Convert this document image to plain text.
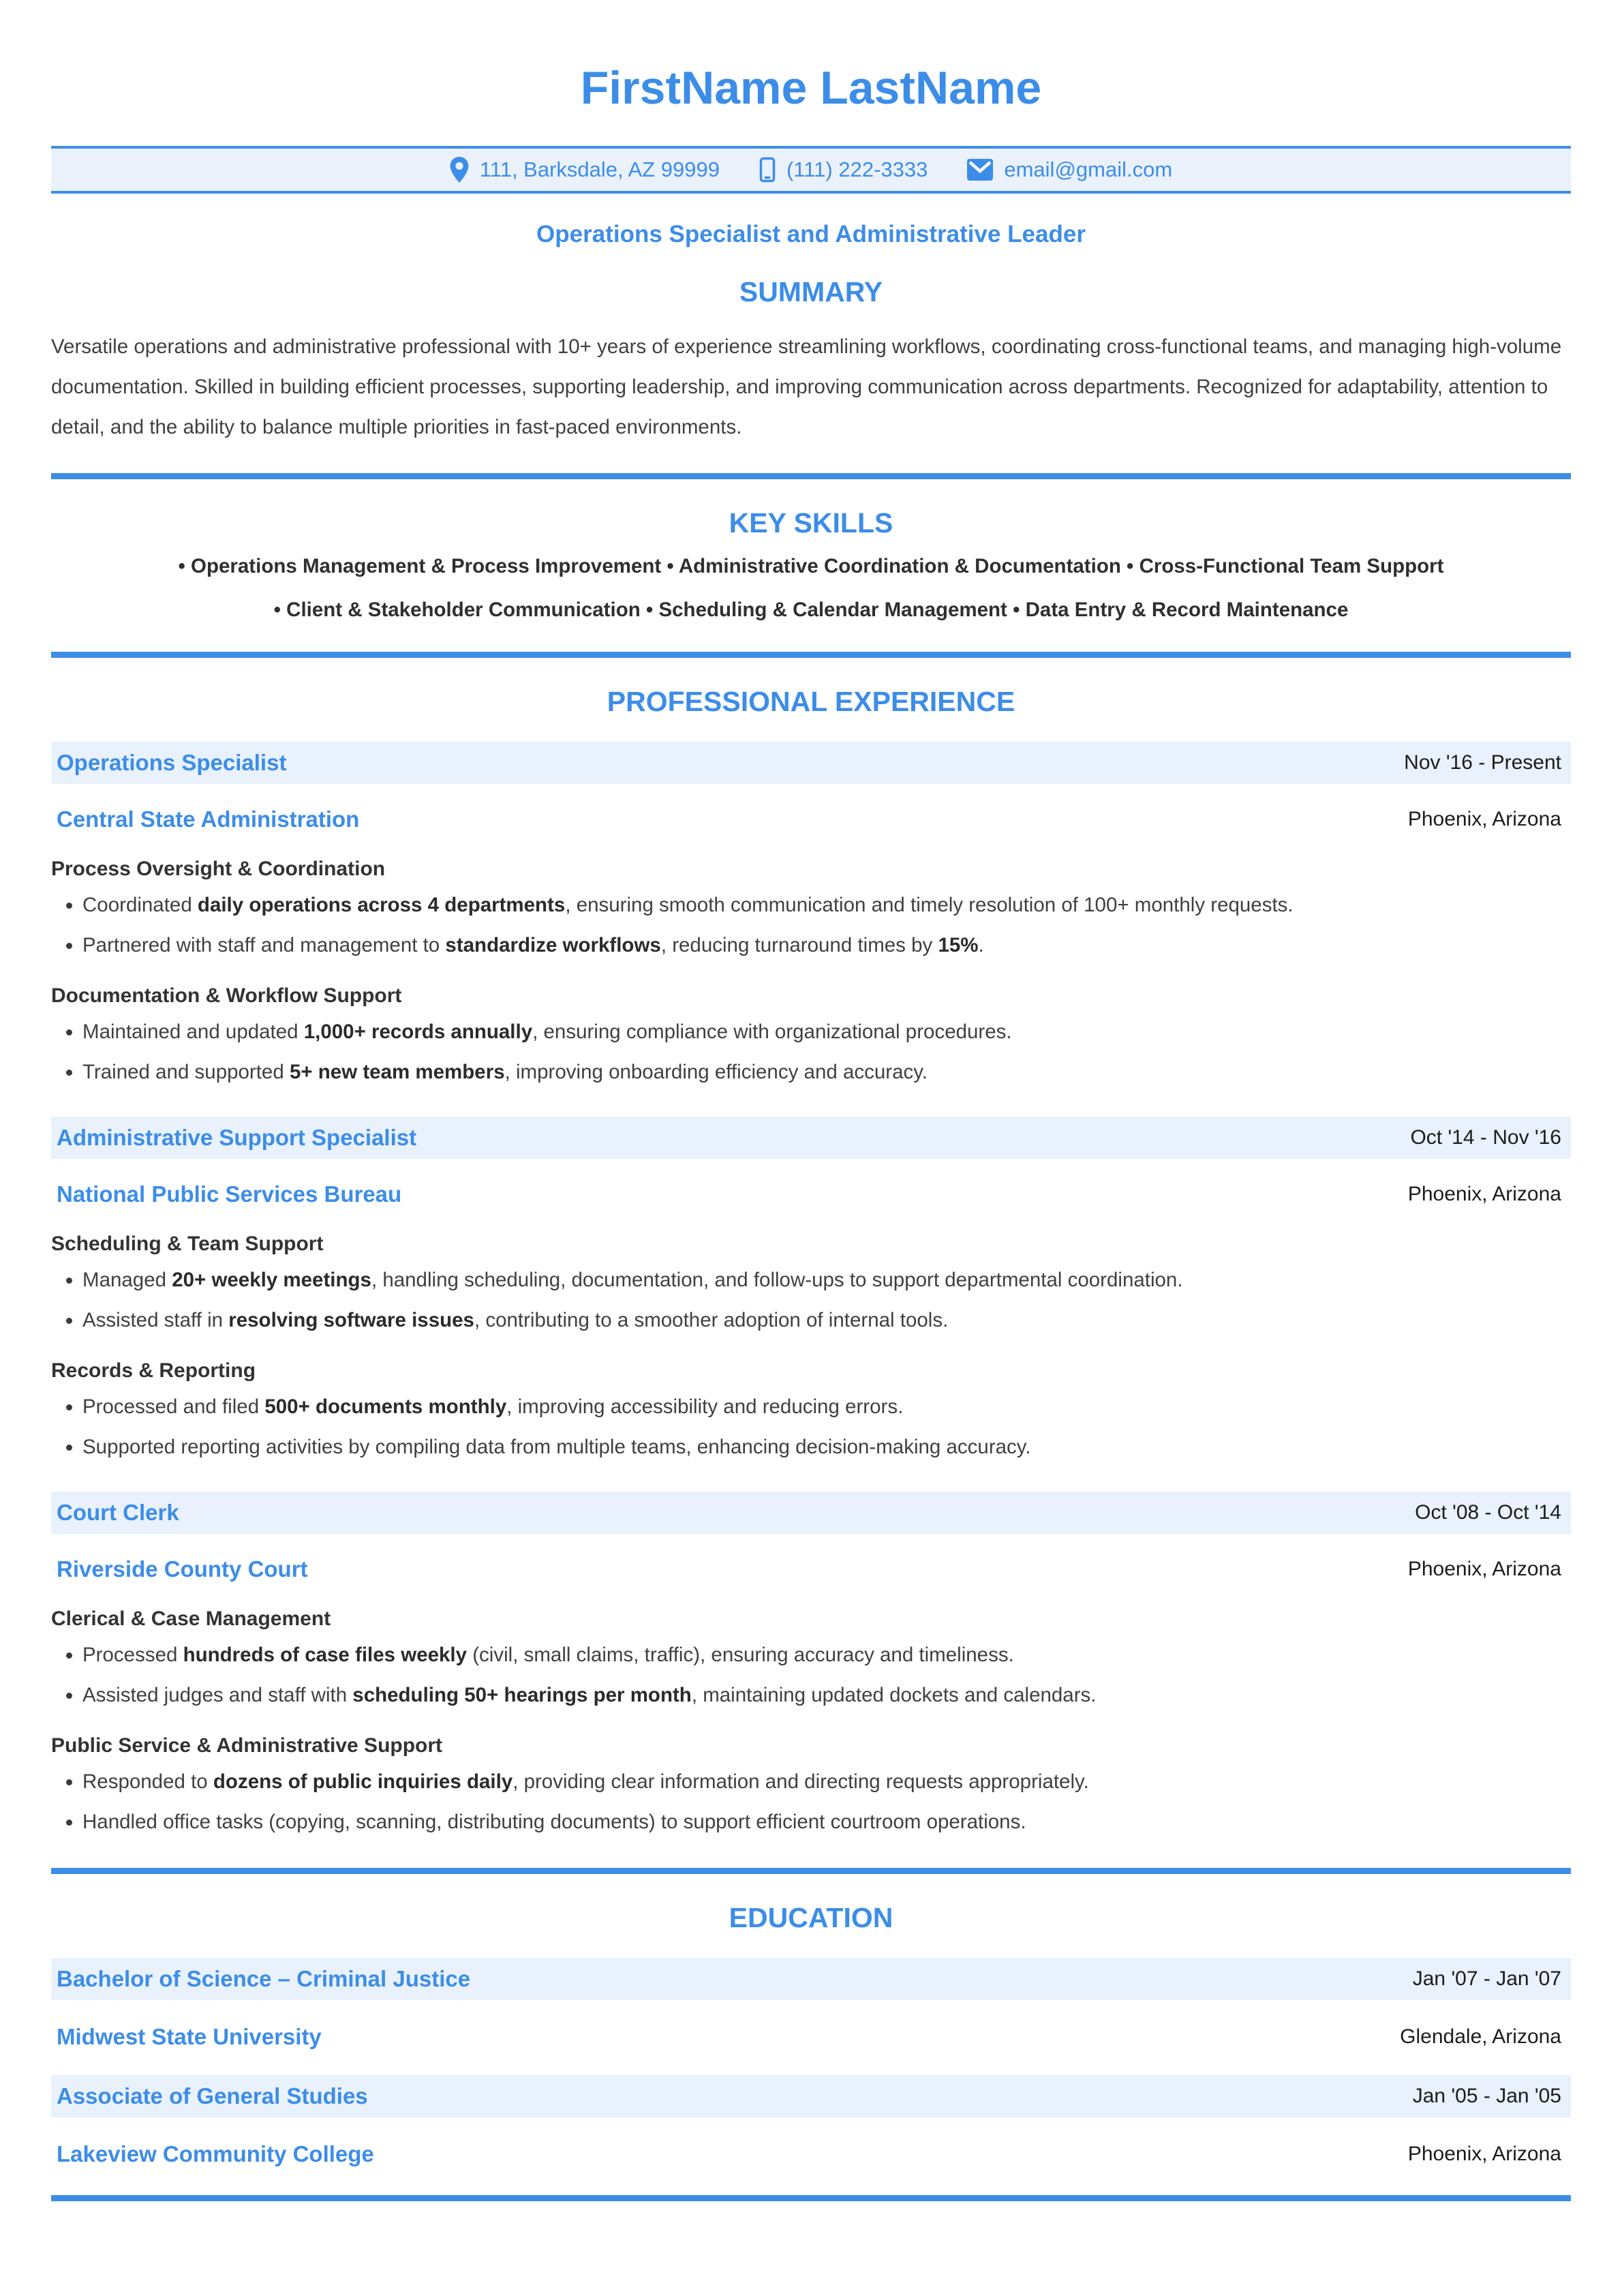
FirstName LastName
111, Barksdale, AZ 99999	(111) 222-3333	email@gmail.com
Operations Specialist and Administrative Leader
SUMMARY

Versatile operations and administrative professional with 10+ years of experience streamlining workflows, coordinating cross-functional teams, and managing high-volume documentation. Skilled in building efficient processes, supporting leadership, and improving communication across departments. Recognized for adaptability, attention to detail, and the ability to balance multiple priorities in fast-paced environments.

KEY SKILLS

• Operations Management & Process Improvement • Administrative Coordination & Documentation • Cross-Functional Team Support

• Client & Stakeholder Communication • Scheduling & Calendar Management • Data Entry & Record Maintenance

PROFESSIONAL EXPERIENCE
Operations Specialist	Nov '16 - Present
Central State Administration	Phoenix, Arizona
Process Oversight & Coordination
• Coordinated daily operations across 4 departments, ensuring smooth communication and timely resolution of 100+ monthly requests.
• Partnered with staff and management to standardize workflows, reducing turnaround times by 15%.
Documentation & Workflow Support
• Maintained and updated 1,000+ records annually, ensuring compliance with organizational procedures.
• Trained and supported 5+ new team members, improving onboarding efficiency and accuracy.
Administrative Support Specialist	Oct '14 - Nov '16
National Public Services Bureau	Phoenix, Arizona
Scheduling & Team Support
• Managed 20+ weekly meetings, handling scheduling, documentation, and follow-ups to support departmental coordination.
• Assisted staff in resolving software issues, contributing to a smoother adoption of internal tools.
Records & Reporting
• Processed and filed 500+ documents monthly, improving accessibility and reducing errors.
• Supported reporting activities by compiling data from multiple teams, enhancing decision-making accuracy.
Court Clerk	Oct '08 - Oct '14
Riverside County Court	Phoenix, Arizona
Clerical & Case Management
• Processed hundreds of case files weekly (civil, small claims, traffic), ensuring accuracy and timeliness.
• Assisted judges and staff with scheduling 50+ hearings per month, maintaining updated dockets and calendars.
Public Service & Administrative Support
• Responded to dozens of public inquiries daily, providing clear information and directing requests appropriately.
• Handled office tasks (copying, scanning, distributing documents) to support efficient courtroom operations.
EDUCATION
Bachelor of Science – Criminal Justice	Jan '07 - Jan '07
Midwest State University	Glendale, Arizona
Associate of General Studies	Jan '05 - Jan '05
Lakeview Community College	Phoenix, Arizona
